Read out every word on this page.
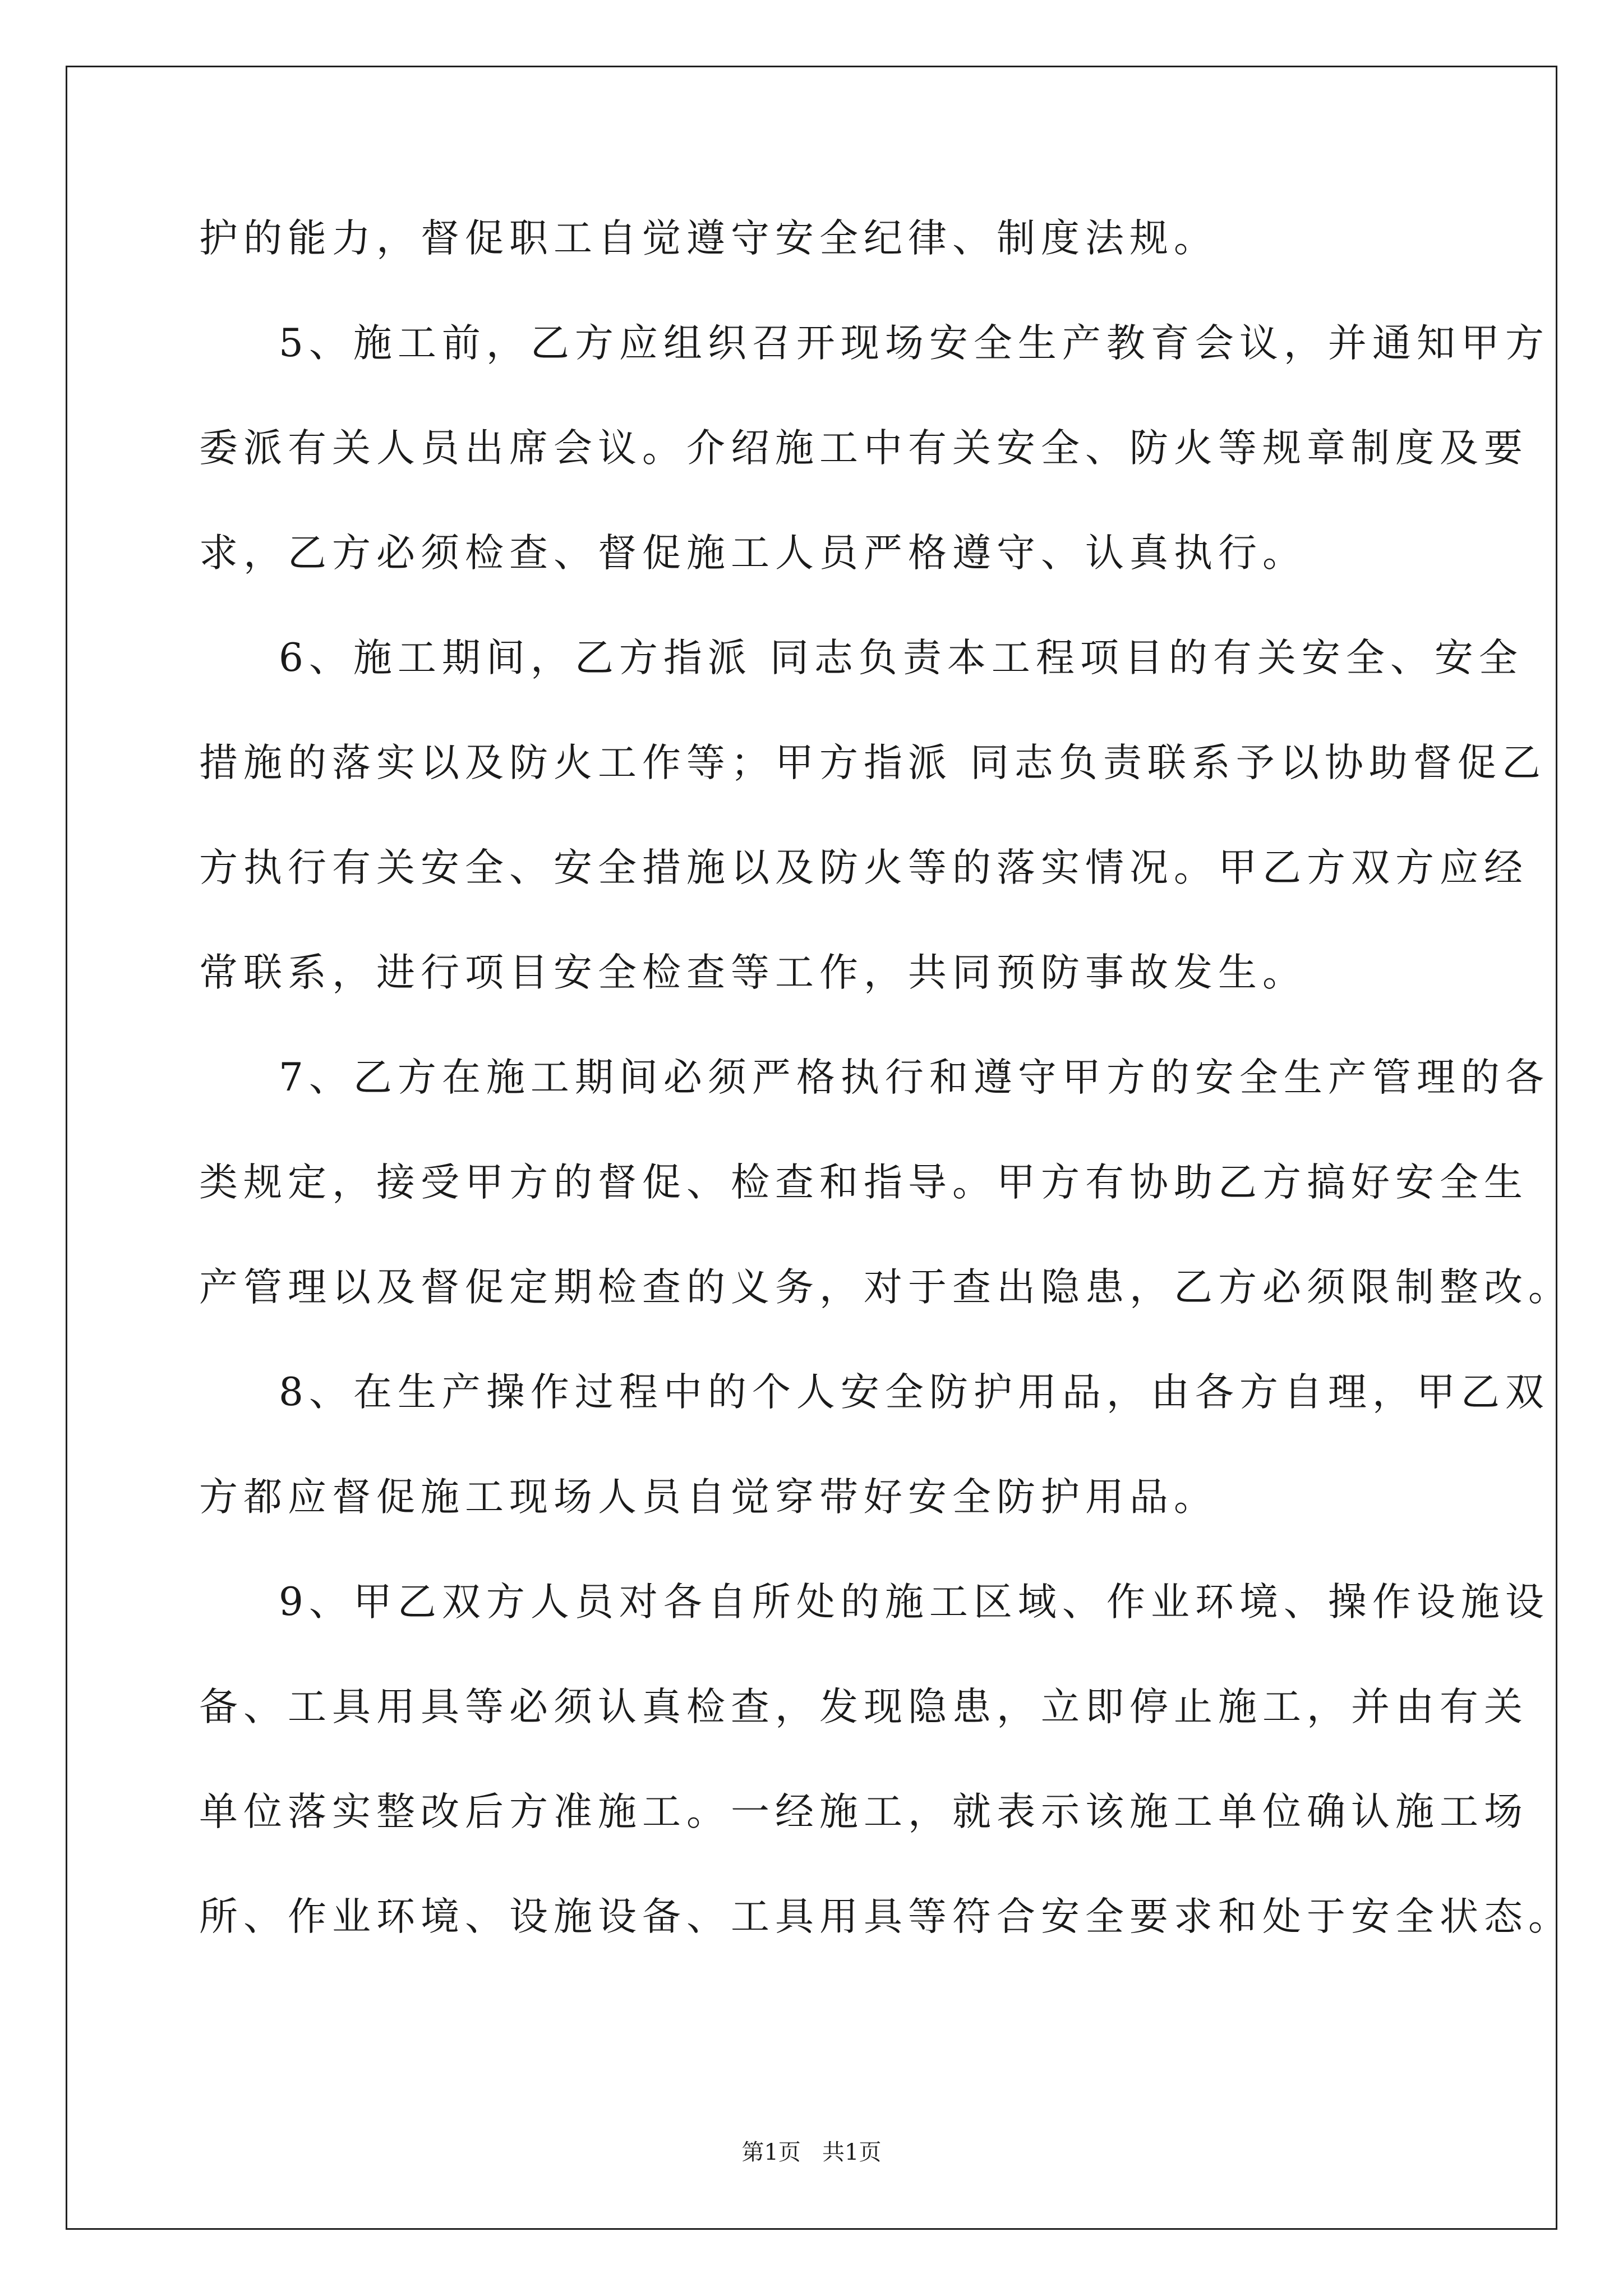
护的能力，督促职工自觉遵守安全纪律、制度法规。
5、施工前，乙方应组织召开现场安全生产教育会议，并通知甲方
委派有关人员出席会议。介绍施工中有关安全、防火等规章制度及要
求，乙方必须检查、督促施工人员严格遵守、认真执行。
6、施工期间，乙方指派 同志负责本工程项目的有关安全、安全
措施的落实以及防火工作等；甲方指派 同志负责联系予以协助督促乙
方执行有关安全、安全措施以及防火等的落实情况。甲乙方双方应经
常联系，进行项目安全检查等工作，共同预防事故发生。
7、乙方在施工期间必须严格执行和遵守甲方的安全生产管理的各
类规定，接受甲方的督促、检查和指导。甲方有协助乙方搞好安全生
产管理以及督促定期检查的义务，对于查出隐患，乙方必须限制整改。
8、在生产操作过程中的个人安全防护用品，由各方自理，甲乙双
方都应督促施工现场人员自觉穿带好安全防护用品。
9、甲乙双方人员对各自所处的施工区域、作业环境、操作设施设
备、工具用具等必须认真检查，发现隐患，立即停止施工，并由有关
单位落实整改后方准施工。一经施工，就表示该施工单位确认施工场
所、作业环境、设施设备、工具用具等符合安全要求和处于安全状态。
第1页   共1页
